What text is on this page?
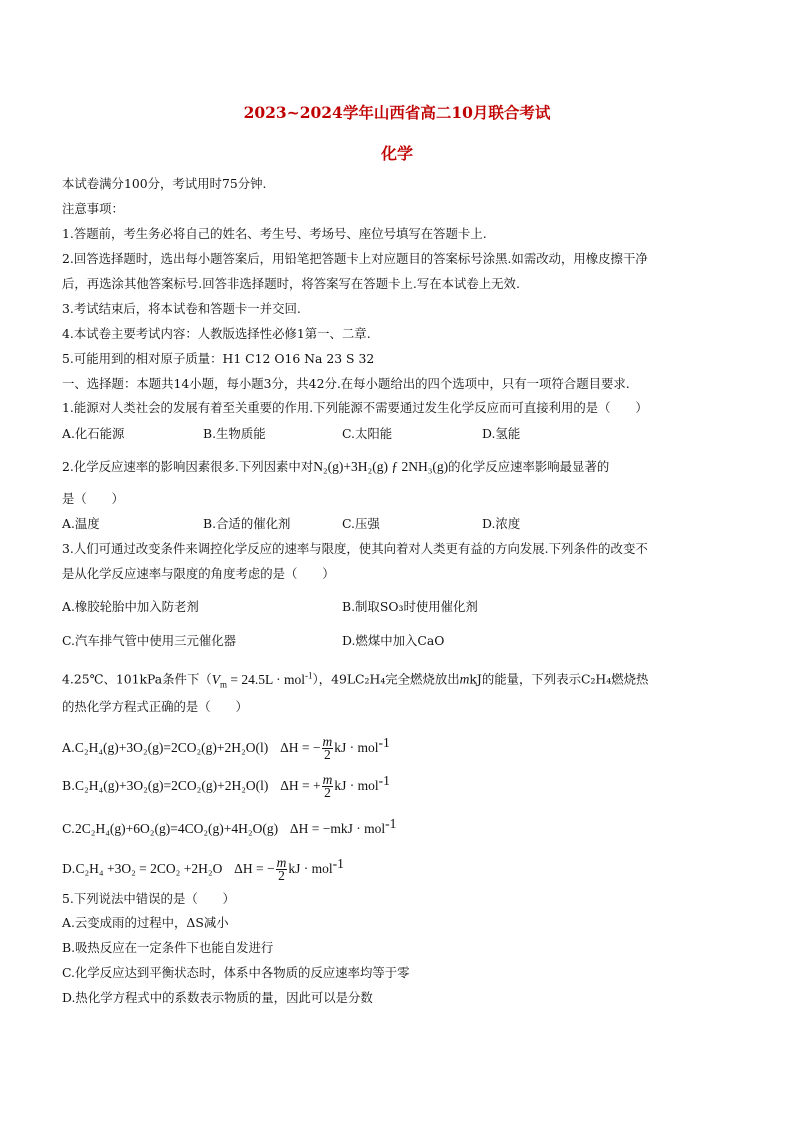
2023~2024学年山西省高二10月联合考试
化学
本试卷满分100分，考试用时75分钟.
注意事项：
1.答题前，考生务必将自己的姓名、考生号、考场号、座位号填写在答题卡上.
2.回答选择题时，选出每小题答案后，用铅笔把答题卡上对应题目的答案标号涂黑.如需改动，用橡皮擦干净
后，再选涂其他答案标号.回答非选择题时，将答案写在答题卡上.写在本试卷上无效.
3.考试结束后，将本试卷和答题卡一并交回.
4.本试卷主要考试内容：人教版选择性必修1第一、二章.
5.可能用到的相对原子质量：H1 C12 O16 Na 23 S 32
一、选择题：本题共14小题，每小题3分，共42分.在每小题给出的四个选项中，只有一项符合题目要求.
1.能源对人类社会的发展有着至关重要的作用.下列能源不需要通过发生化学反应而可直接利用的是（　　）
A.化石能源	B.生物质能	C.太阳能	D.氢能
2.化学反应速率的影响因素很多.下列因素中对N₂(g)+3H₂(g) ƒ 2NH₃(g)的化学反应速率影响最显著的
是（　　）
A.温度	B.合适的催化剂	C.压强	D.浓度
3.人们可通过改变条件来调控化学反应的速率与限度，使其向着对人类更有益的方向发展.下列条件的改变不
是从化学反应速率与限度的角度考虑的是（　　）
A.橡胶轮胎中加入防老剂	B.制取SO₃时使用催化剂
C.汽车排气管中使用三元催化器	D.燃煤中加入CaO
4.25℃、101kPa条件下$(V_m = 24.5L \cdot mol^{-1})$，49LC₂H₄完全燃烧放出mkJ的能量，下列表示C₂H₄燃烧热
的热化学方程式正确的是（　　）
A.C₂H₄(g)+3O₂(g)=2CO₂(g)+2H₂O(l) ΔH = − $\frac{m}{2}$ kJ · mol$^{-1}$
B.C₂H₄(g)+3O₂(g)=2CO₂(g)+2H₂O(l) ΔH = + $\frac{m}{2}$ kJ · mol$^{-1}$
C.2C₂H₄(g)+6O₂(g)=4CO₂(g)+4H₂O(g) ΔH = −mkJ · mol$^{-1}$
D.C₂H₄ +3O₂ = 2CO₂ +2H₂O ΔH = − $\frac{m}{2}$ kJ · mol$^{-1}$
5.下列说法中错误的是（　　）
A.云变成雨的过程中，ΔS减小
B.吸热反应在一定条件下也能自发进行
C.化学反应达到平衡状态时，体系中各物质的反应速率均等于零
D.热化学方程式中的系数表示物质的量，因此可以是分数
